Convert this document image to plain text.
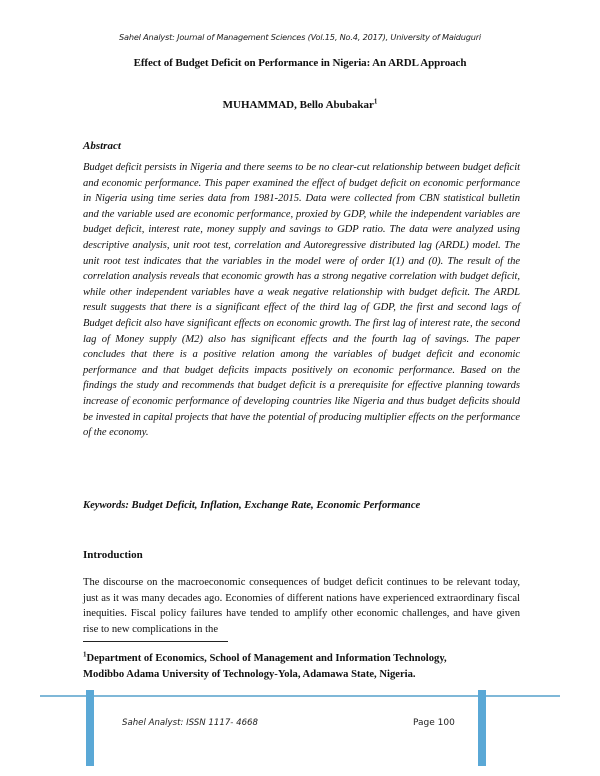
Sahel Analyst: Journal of Management Sciences (Vol.15, No.4, 2017), University of Maiduguri
Effect of Budget Deficit on Performance in Nigeria: An ARDL Approach
MUHAMMAD, Bello Abubakar$^1$
Abstract
Budget deficit persists in Nigeria and there seems to be no clear-cut relationship between budget deficit and economic performance. This paper examined the effect of budget deficit on economic performance in Nigeria using time series data from 1981-2015. Data were collected from CBN statistical bulletin and the variable used are economic performance, proxied by GDP, while the independent variables are budget deficit, interest rate, money supply and savings to GDP ratio. The data were analyzed using descriptive analysis, unit root test, correlation and Autoregressive distributed lag (ARDL) model. The unit root test indicates that the variables in the model were of order I(1) and (0). The result of the correlation analysis reveals that economic growth has a strong negative correlation with budget deficit, while other independent variables have a weak negative relationship with budget deficit. The ARDL result suggests that there is a significant effect of the third lag of GDP, the first and second lags of Budget deficit also have significant effects on economic growth. The first lag of interest rate, the second lag of Money supply (M2) also has significant effects and the fourth lag of savings. The paper concludes that there is a positive relation among the variables of budget deficit and economic performance and that budget deficits impacts positively on economic performance. Based on the findings the study and recommends that budget deficit is a prerequisite for effective planning towards increase of economic performance of developing countries like Nigeria and thus budget deficits should be invested in capital projects that have the potential of producing multiplier effects on the performance of the economy.
Keywords: Budget Deficit, Inflation, Exchange Rate, Economic Performance
Introduction
The discourse on the macroeconomic consequences of budget deficit continues to be relevant today, just as it was many decades ago. Economies of different nations have experienced extraordinary fiscal inequities. Fiscal policy failures have tended to amplify other economic challenges, and have given rise to new complications in the
$^1$Department of Economics, School of Management and Information Technology,
Modibbo Adama University of Technology-Yola, Adamawa State, Nigeria.
Sahel Analyst: ISSN 1117- 4668	Page 100
